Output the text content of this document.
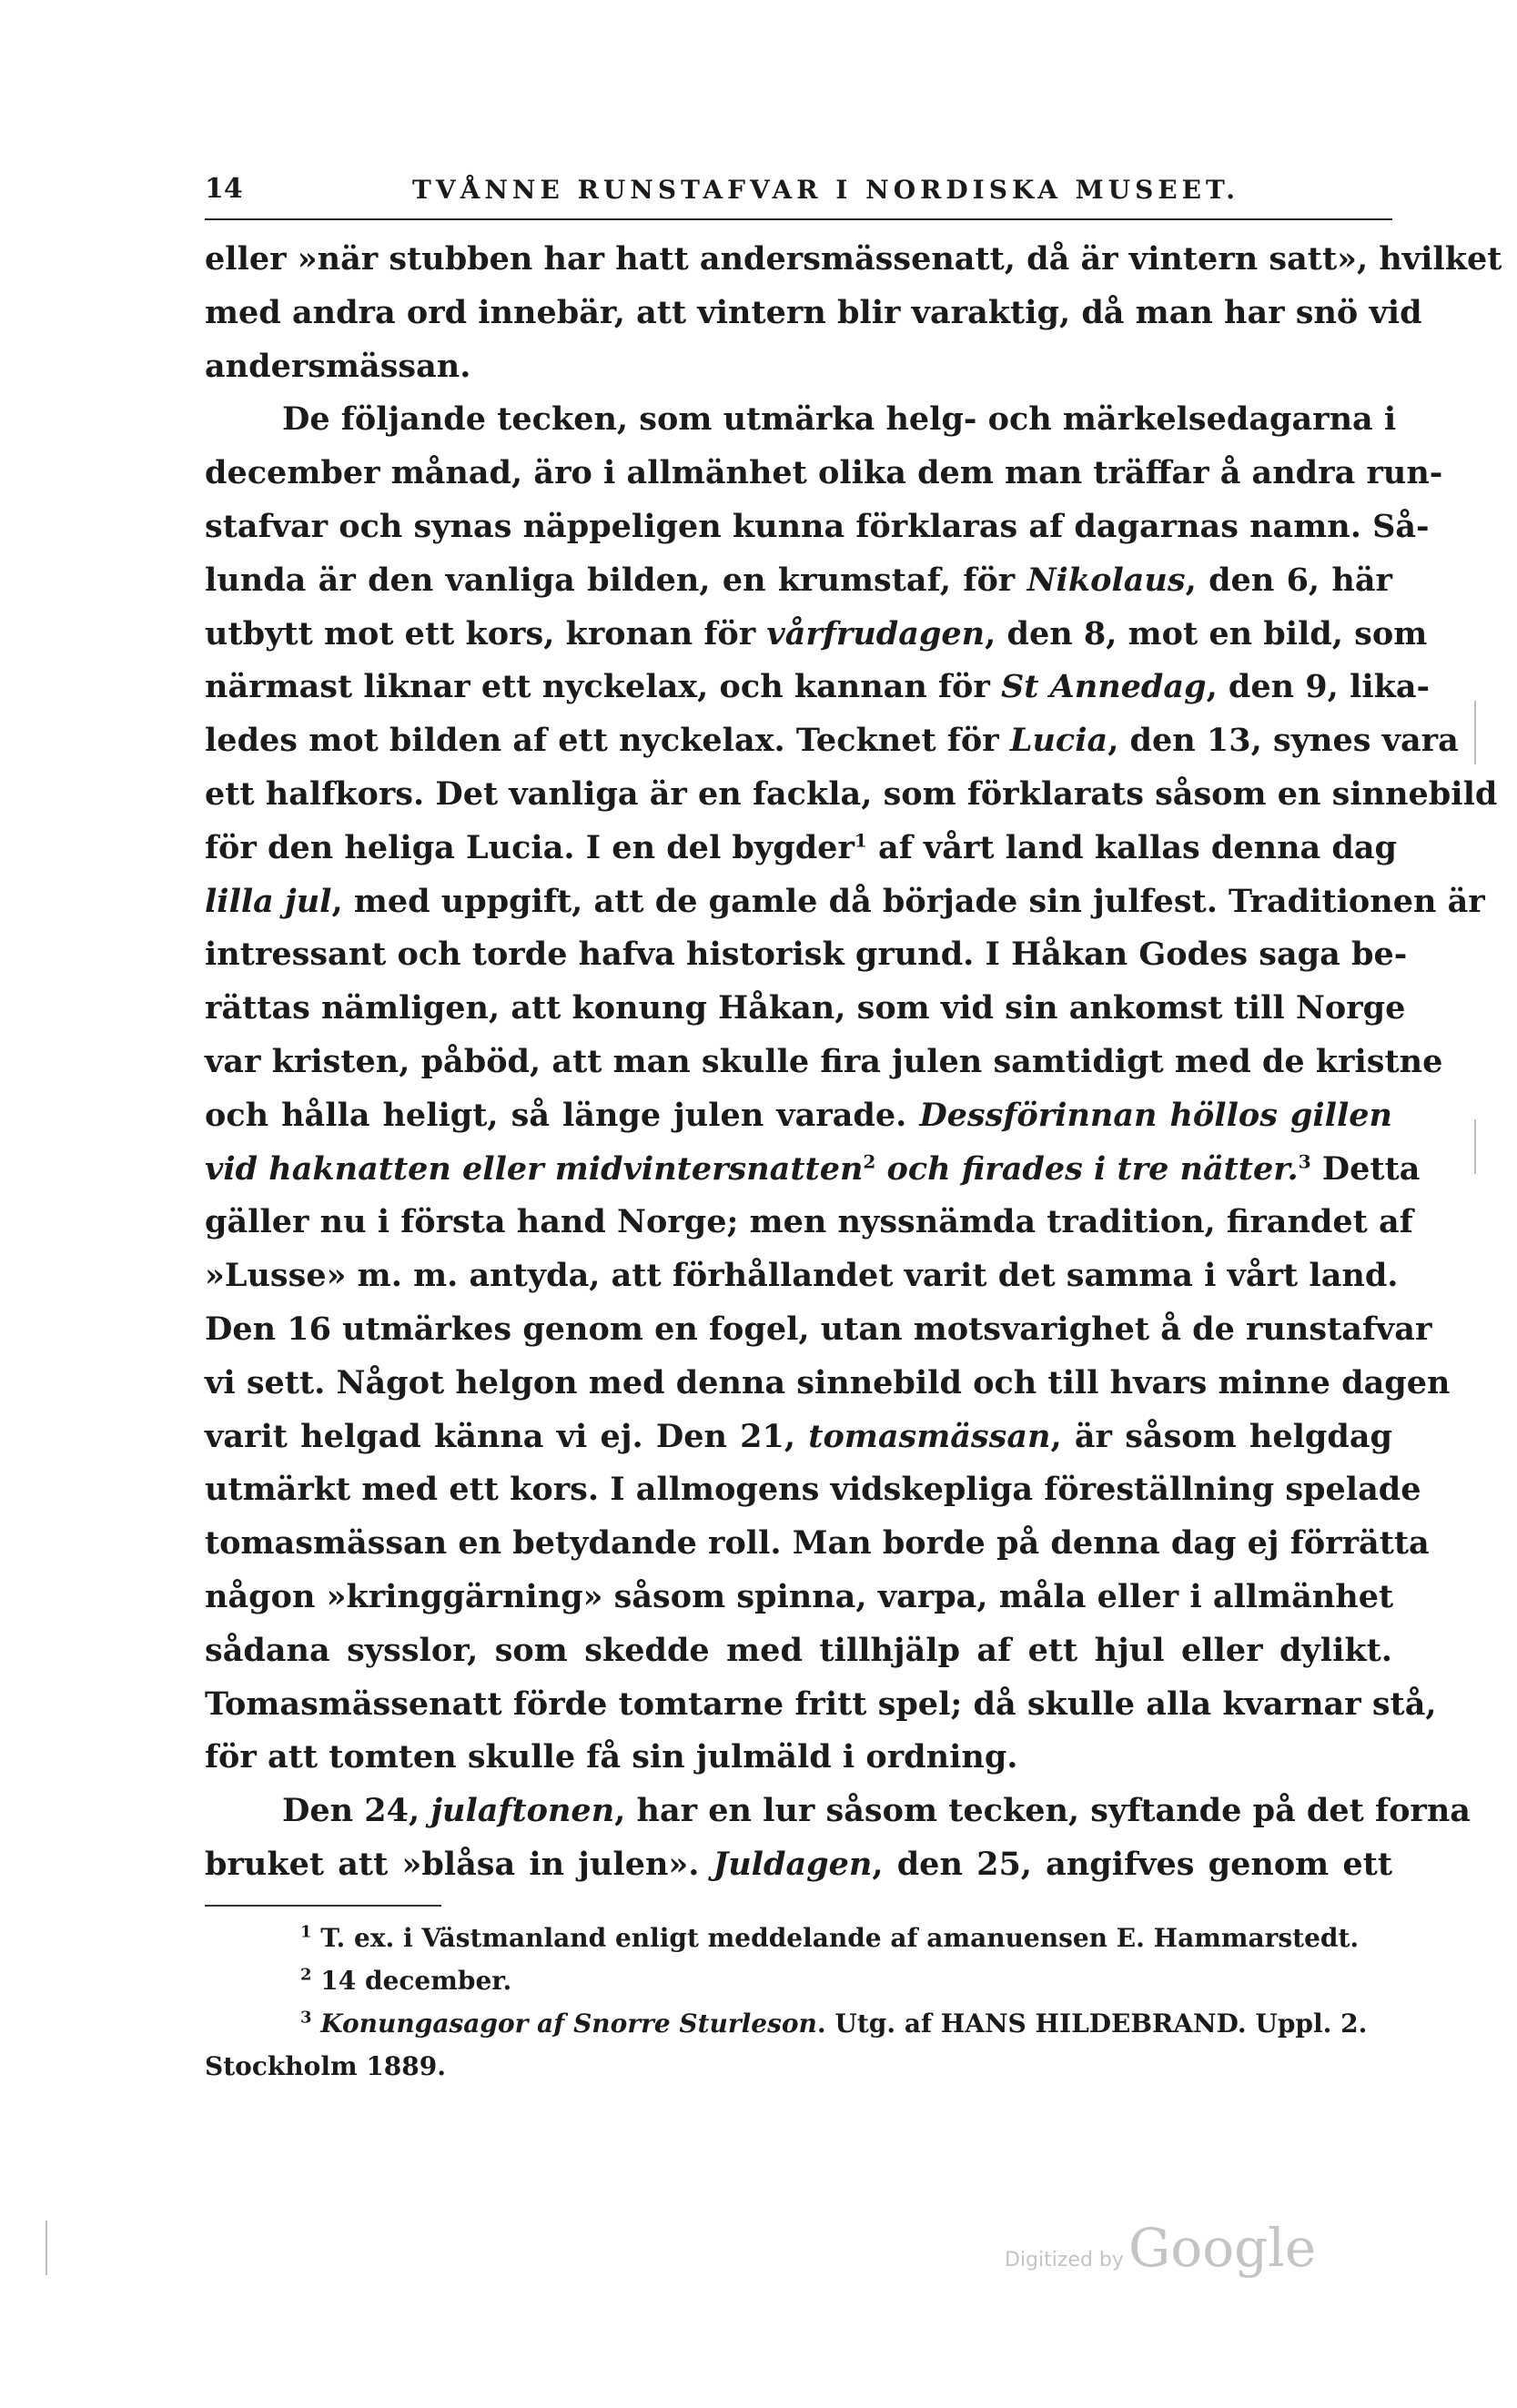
14	TVÅNNE RUNSTAFVAR I NORDISKA MUSEET.
eller »när stubben har hatt andersmässenatt, då är vintern satt», hvilket
med andra ord innebär, att vintern blir varaktig, då man har snö vid
andersmässan.
De följande tecken, som utmärka helg- och märkelsedagarna i
december månad, äro i allmänhet olika dem man träffar å andra run-
stafvar och synas näppeligen kunna förklaras af dagarnas namn. Så-
lunda är den vanliga bilden, en krumstaf, för Nikolaus, den 6, här
utbytt mot ett kors, kronan för vårfrudagen, den 8, mot en bild, som
närmast liknar ett nyckelax, och kannan för St Annedag, den 9, lika-
ledes mot bilden af ett nyckelax. Tecknet för Lucia, den 13, synes vara
ett halfkors. Det vanliga är en fackla, som förklarats såsom en sinnebild
för den heliga Lucia. I en del bygder$^1$ af vårt land kallas denna dag
lilla jul, med uppgift, att de gamle då började sin julfest. Traditionen är
intressant och torde hafva historisk grund. I Håkan Godes saga be-
rättas nämligen, att konung Håkan, som vid sin ankomst till Norge
var kristen, påböd, att man skulle fira julen samtidigt med de kristne
och hålla heligt, så länge julen varade. Dessförinnan höllos gillen
vid haknatten eller midvintersnatten$^2$ och firades i tre nätter.$^3$ Detta
gäller nu i första hand Norge; men nyssnämda tradition, firandet af
»Lusse» m. m. antyda, att förhållandet varit det samma i vårt land.
Den 16 utmärkes genom en fogel, utan motsvarighet å de runstafvar
vi sett. Något helgon med denna sinnebild och till hvars minne dagen
varit helgad känna vi ej. Den 21, tomasmässan, är såsom helgdag
utmärkt med ett kors. I allmogens vidskepliga föreställning spelade
tomasmässan en betydande roll. Man borde på denna dag ej förrätta
någon »kringgärning» såsom spinna, varpa, måla eller i allmänhet
sådana sysslor, som skedde med tillhjälp af ett hjul eller dylikt.
Tomasmässenatt förde tomtarne fritt spel; då skulle alla kvarnar stå,
för att tomten skulle få sin julmäld i ordning.
Den 24, julaftonen, har en lur såsom tecken, syftande på det forna
bruket att »blåsa in julen». Juldagen, den 25, angifves genom ett
$^1$ T. ex. i Västmanland enligt meddelande af amanuensen E. Hammarstedt.
$^2$ 14 december.
$^3$ Konungasagor af Snorre Sturleson. Utg. af HANS HILDEBRAND. Uppl. 2.
Stockholm 1889.
Digitized by Google
